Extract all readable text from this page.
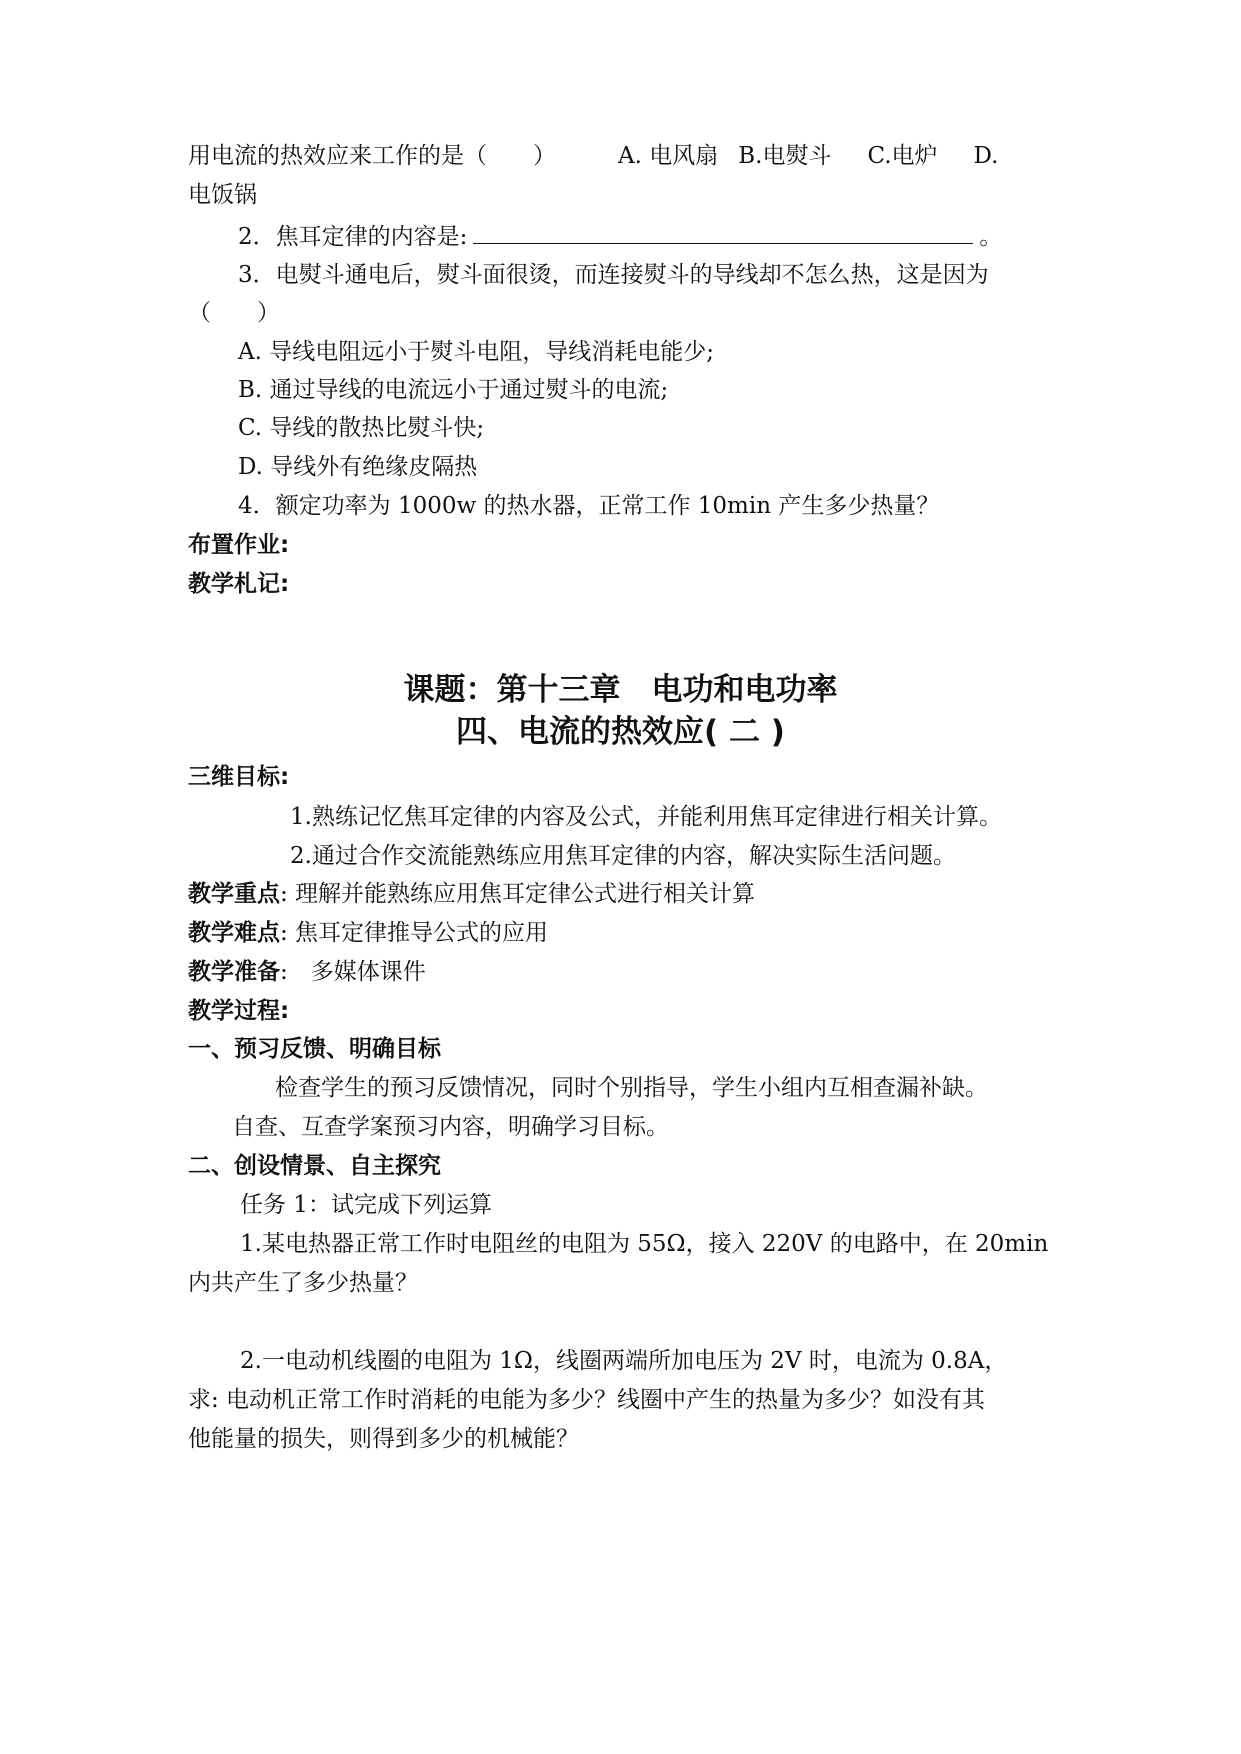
用电流的热效应来工作的是（　　）	A. 电风扇 B.电熨斗 C.电炉 D.
电饭锅
2．焦耳定律的内容是:	。
3．电熨斗通电后，熨斗面很烫，而连接熨斗的导线却不怎么热，这是因为
（　　）
A. 导线电阻远小于熨斗电阻，导线消耗电能少;
B. 通过导线的电流远小于通过熨斗的电流;
C. 导线的散热比熨斗快;
D. 导线外有绝缘皮隔热
4．额定功率为 1000w 的热水器，正常工作 10min 产生多少热量？
布置作业:
教学札记:
课题：第十三章　电功和电功率
四、电流的热效应( 二 )
三维目标:
1.熟练记忆焦耳定律的内容及公式，并能利用焦耳定律进行相关计算。
2.通过合作交流能熟练应用焦耳定律的内容，解决实际生活问题。
教学重点: 理解并能熟练应用焦耳定律公式进行相关计算
教学难点: 焦耳定律推导公式的应用
教学准备:　多媒体课件
教学过程:
一、预习反馈、明确目标
检查学生的预习反馈情况，同时个别指导，学生小组内互相查漏补缺。
自查、互查学案预习内容，明确学习目标。
二、创设情景、自主探究
任务 1：试完成下列运算
1.某电热器正常工作时电阻丝的电阻为 55Ω，接入 220V 的电路中，在 20min
内共产生了多少热量？
2.一电动机线圈的电阻为 1Ω，线圈两端所加电压为 2V 时，电流为 0.8A，
求: 电动机正常工作时消耗的电能为多少？线圈中产生的热量为多少？如没有其
他能量的损失，则得到多少的机械能？
